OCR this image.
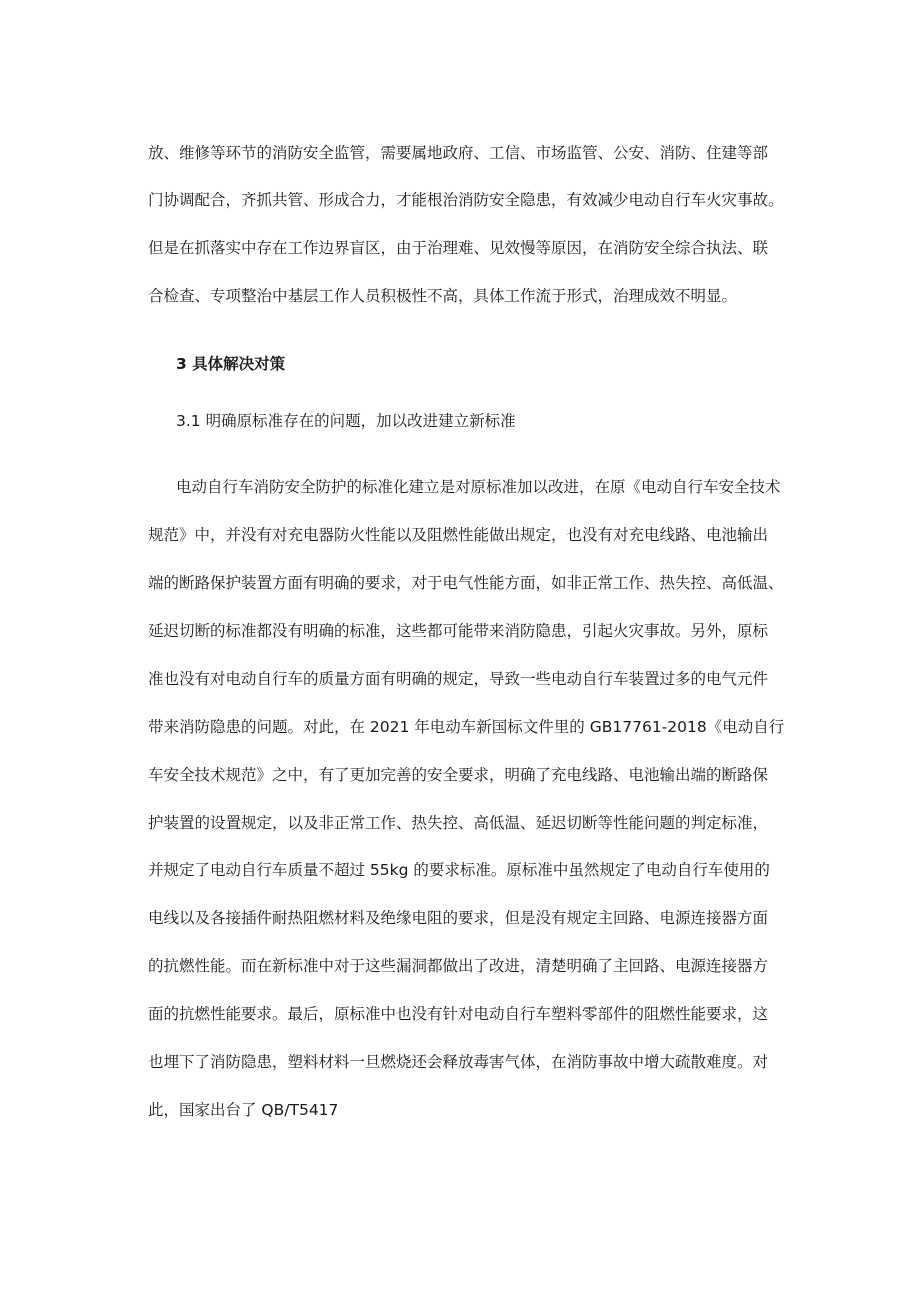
放、维修等环节的消防安全监管，需要属地政府、工信、市场监管、公安、消防、住建等部

门协调配合，齐抓共管、形成合力，才能根治消防安全隐患，有效减少电动自行车火灾事故。

但是在抓落实中存在工作边界盲区，由于治理难、见效慢等原因，在消防安全综合执法、联

合检查、专项整治中基层工作人员积极性不高，具体工作流于形式，治理成效不明显。

3 具体解决对策

3.1 明确原标准存在的问题，加以改进建立新标准

电动自行车消防安全防护的标准化建立是对原标准加以改进，在原《电动自行车安全技术

规范》中，并没有对充电器防火性能以及阻燃性能做出规定，也没有对充电线路、电池输出

端的断路保护装置方面有明确的要求，对于电气性能方面，如非正常工作、热失控、高低温、

延迟切断的标准都没有明确的标准，这些都可能带来消防隐患，引起火灾事故。另外，原标

准也没有对电动自行车的质量方面有明确的规定，导致一些电动自行车装置过多的电气元件

带来消防隐患的问题。对此，在 2021 年电动车新国标文件里的 GB17761-2018《电动自行

车安全技术规范》之中，有了更加完善的安全要求，明确了充电线路、电池输出端的断路保

护装置的设置规定，以及非正常工作、热失控、高低温、延迟切断等性能问题的判定标准，

并规定了电动自行车质量不超过 55kg 的要求标准。原标准中虽然规定了电动自行车使用的

电线以及各接插件耐热阻燃材料及绝缘电阻的要求，但是没有规定主回路、电源连接器方面

的抗燃性能。而在新标准中对于这些漏洞都做出了改进，清楚明确了主回路、电源连接器方

面的抗燃性能要求。最后，原标准中也没有针对电动自行车塑料零部件的阻燃性能要求，这

也埋下了消防隐患，塑料材料一旦燃烧还会释放毒害气体，在消防事故中增大疏散难度。对

此，国家出台了 QB/T5417
